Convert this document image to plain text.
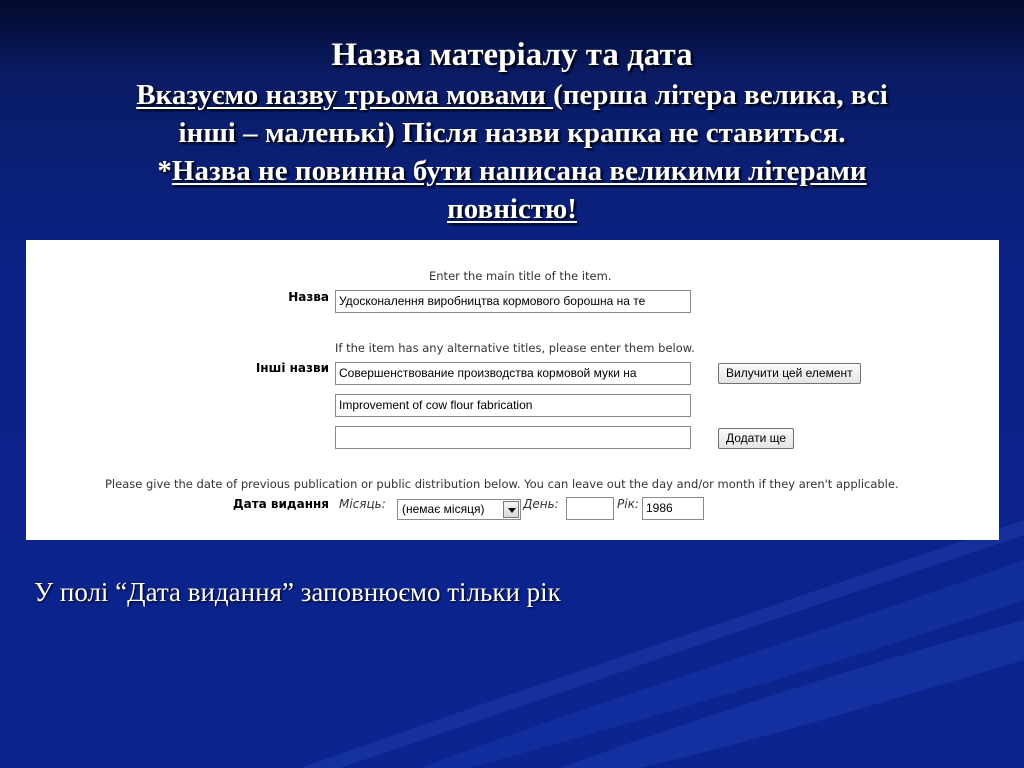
Назва матеріалу та дата
Вказуємо назву трьома мовами (перша літера велика, всі
інші – маленькі) Після назви крапка не ставиться.
*Назва не повинна бути написана великими літерами
повністю!
Enter the main title of the item.
Назва Удосконалення виробництва кормового борошна на те
If the item has any alternative titles, please enter them below.
Інші назви Совершенствование производства кормовой муки на	Вилучити цей елемент
Improvement of cow flour fabrication
Додати ще
Please give the date of previous publication or public distribution below. You can leave out the day and/or month if they aren't applicable.
Дата видання Місяць:	(немає місяця)	День:	Рік: 1986
У полі “Дата видання” заповнюємо тільки рік
